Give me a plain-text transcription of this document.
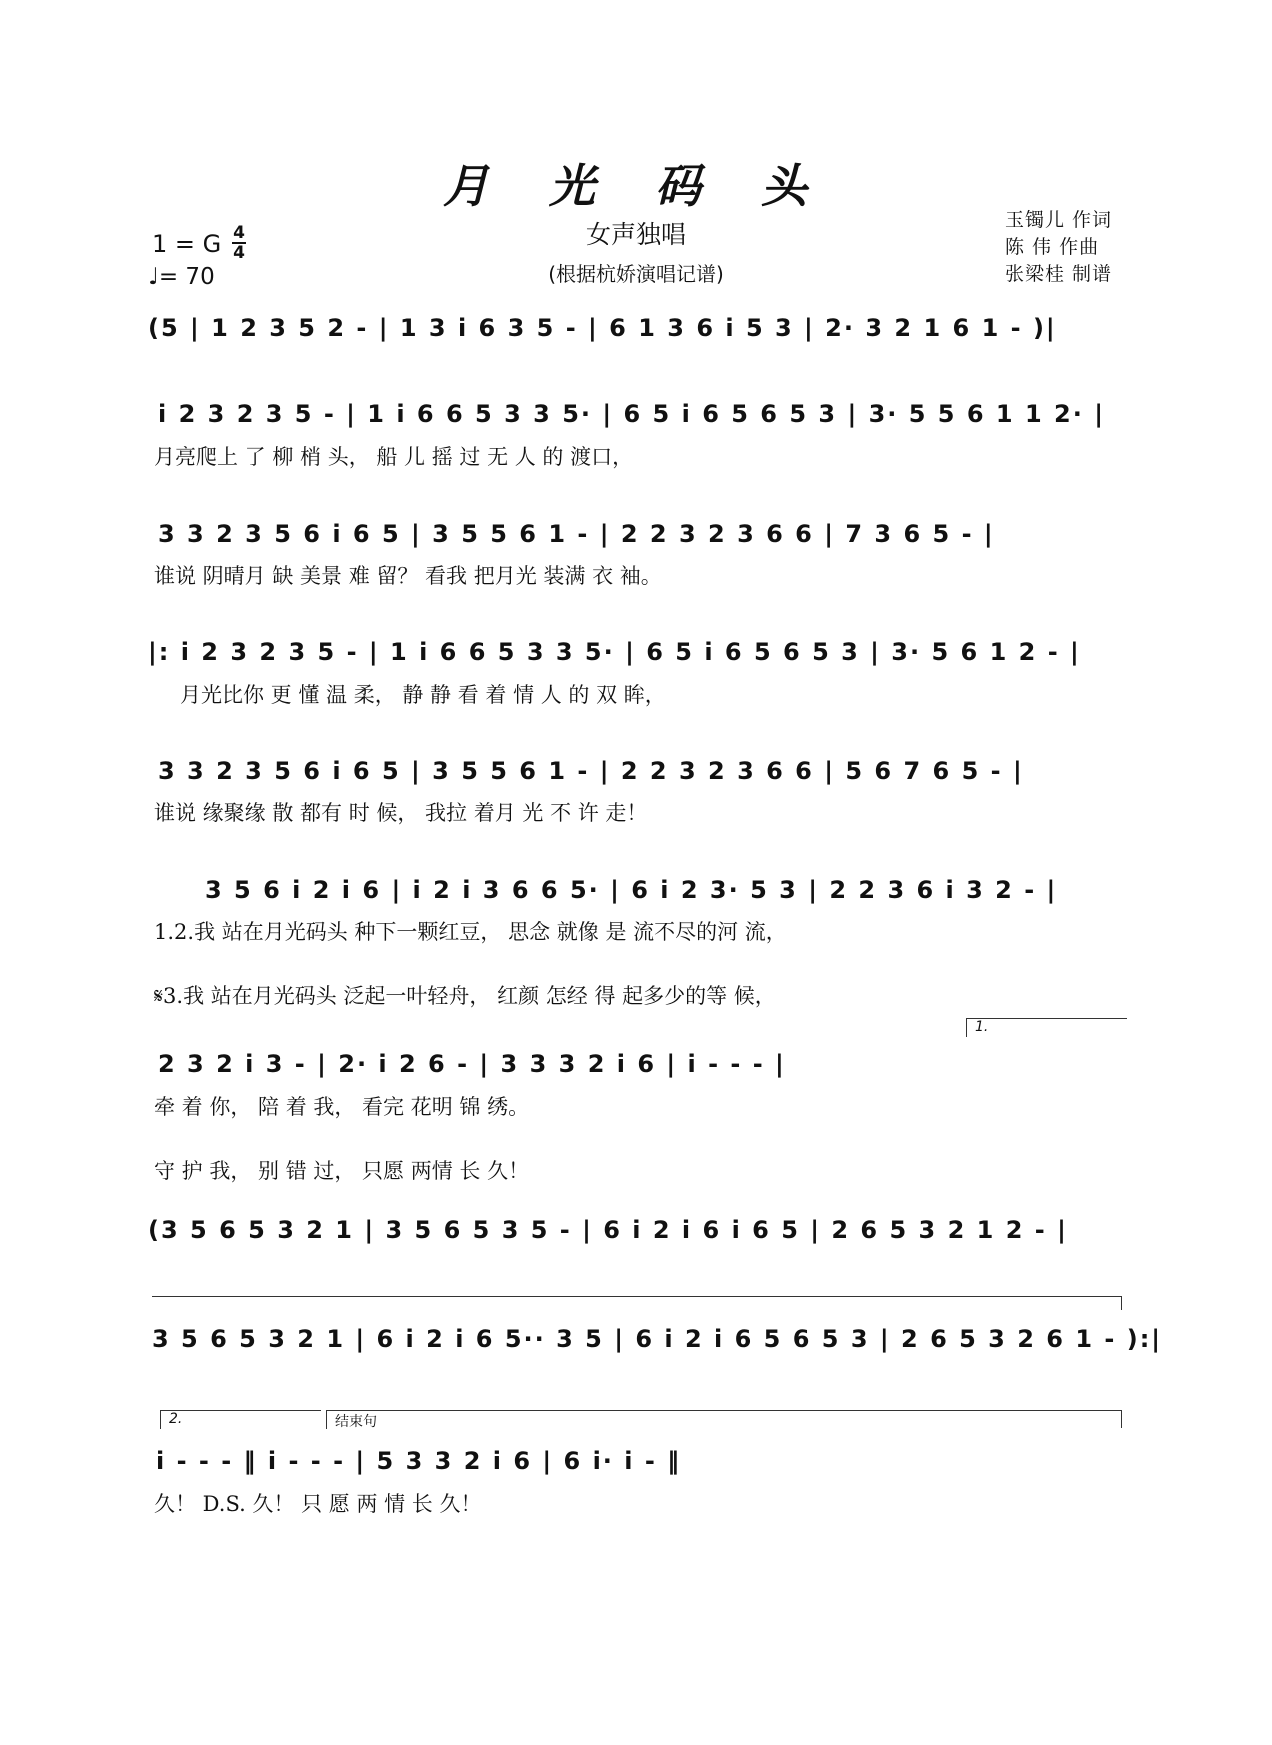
月 光 码 头
女声独唱
(根据杭娇演唱记谱)
玉镯儿 作词
陈 伟 作曲
张梁桂 制谱
1 = G 4
4
♩= 70
(5 | 1 2 3 5 2 - | 1 3 i 6 3 5 - | 6 1 3 6 i 5 3 | 2· 3 2 1 6 1 - )|
i 2 3 2 3 5 - | 1 i 6 6 5 3 3 5· | 6 5 i 6 5 6 5 3 | 3· 5 5 6 1 1 2· |
月亮爬上 了 柳 梢 头， 船 儿 摇 过 无 人 的 渡口，
3 3 2 3 5 6 i 6 5 | 3 5 5 6 1 - | 2 2 3 2 3 6 6 | 7 3 6 5 - |
谁说 阴晴月 缺 美景 难 留？ 看我 把月光 装满 衣 袖。
|: i 2 3 2 3 5 - | 1 i 6 6 5 3 3 5· | 6 5 i 6 5 6 5 3 | 3· 5 6 1 2 - |
月光比你 更 懂 温 柔， 静 静 看 着 情 人 的 双 眸，
3 3 2 3 5 6 i 6 5 | 3 5 5 6 1 - | 2 2 3 2 3 6 6 | 5 6 7 6 5 - |
谁说 缘聚缘 散 都有 时 候， 我拉 着月 光 不 许 走！
3 5 6 i 2 i 6 | i 2 i 3 6 6 5· | 6 i 2 3· 5 3 | 2 2 3 6 i 3 2 - |
1.2.我 站在月光码头 种下一颗红豆， 思念 就像 是 流不尽的河 流，
𝄋3.我 站在月光码头 泛起一叶轻舟， 红颜 怎经 得 起多少的等 候，
1.
2 3 2 i 3 - | 2· i 2 6 - | 3 3 3 2 i 6 | i - - - |
牵 着 你， 陪 着 我， 看完 花明 锦 绣。
守 护 我， 别 错 过， 只愿 两情 长 久！
(3 5 6 5 3 2 1 | 3 5 6 5 3 5 - | 6 i 2 i 6 i 6 5 | 2 6 5 3 2 1 2 - |
3 5 6 5 3 2 1 | 6 i 2 i 6 5·· 3 5 | 6 i 2 i 6 5 6 5 3 | 2 6 5 3 2 6 1 - ):|
2.	结束句
i - - - ‖ i - - - | 5 3 3 2 i 6 | 6 i· i - ‖
久！ D.S. 久！ 只 愿 两 情 长 久！
